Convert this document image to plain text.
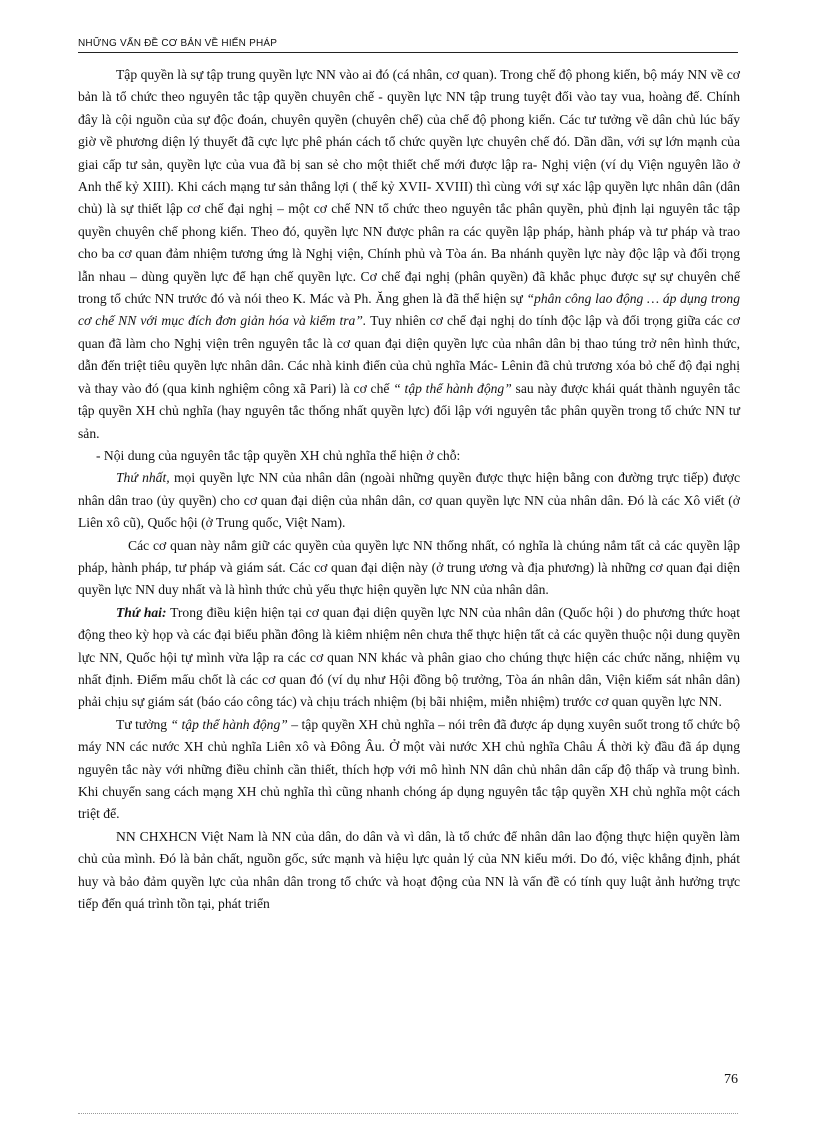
NHỮNG VẤN ĐỀ CƠ BẢN VỀ HIẾN PHÁP

Tập quyền là sự tập trung quyền lực NN vào ai đó (cá nhân, cơ quan). Trong chế độ phong kiến, bộ máy NN về cơ bản là tổ chức theo nguyên tắc tập quyền chuyên chế - quyền lực NN tập trung tuyệt đối vào tay vua, hoàng đế. Chính đây là cội nguồn của sự độc đoán, chuyên quyền (chuyên chế) của chế độ phong kiến. Các tư tưởng về dân chủ lúc bấy giờ về phương diện lý thuyết đã cực lực phê phán cách tổ chức quyền lực chuyên chế đó. Dần dần, với sự lớn mạnh của giai cấp tư sản, quyền lực của vua đã bị san sẻ cho một thiết chế mới được lập ra- Nghị viện (ví dụ Viện nguyên lão ở Anh thế kỷ XIII). Khi cách mạng tư sản thắng lợi ( thế kỷ XVII- XVIII) thì cùng với sự xác lập quyền lực nhân dân (dân chủ) là sự thiết lập cơ chế đại nghị – một cơ chế NN tổ chức theo nguyên tắc phân quyền, phủ định lại nguyên tắc tập quyền chuyên chế phong kiến. Theo đó, quyền lực NN được phân ra các quyền lập pháp, hành pháp và tư pháp và trao cho ba cơ quan đảm nhiệm tương ứng là Nghị viện, Chính phủ và Tòa án. Ba nhánh quyền lực này độc lập và đối trọng lẫn nhau – dùng quyền lực để hạn chế quyền lực. Cơ chế đại nghị (phân quyền) đã khắc phục được sự sự chuyên chế trong tổ chức NN trước đó và nói theo K. Mác và Ph. Ăng ghen là đã thể hiện sự “phân công lao động … áp dụng trong cơ chế NN với mục đích đơn giản hóa và kiểm tra”. Tuy nhiên cơ chế đại nghị do tính độc lập và đối trọng giữa các cơ quan đã làm cho Nghị viện trên nguyên tắc là cơ quan đại diện quyền lực của nhân dân bị thao túng trở nên hình thức, dẫn đến triệt tiêu quyền lực nhân dân. Các nhà kinh điển của chủ nghĩa Mác- Lênin đã chủ trương xóa bỏ chế độ đại nghị và thay vào đó (qua kinh nghiệm công xã Pari) là cơ chế “ tập thể hành động” sau này được khái quát thành nguyên tắc tập quyền XH chủ nghĩa (hay nguyên tắc thống nhất quyền lực) đối lập với nguyên tắc phân quyền trong tổ chức NN tư sản.

- Nội dung của nguyên tắc tập quyền XH chủ nghĩa thể hiện ở chỗ:

Thứ nhất, mọi quyền lực NN của nhân dân (ngoài những quyền được thực hiện bằng con đường trực tiếp) được nhân dân trao (ủy quyền) cho cơ quan đại diện của nhân dân, cơ quan quyền lực NN của nhân dân. Đó là các Xô viết (ở Liên xô cũ), Quốc hội (ở Trung quốc, Việt Nam).

Các cơ quan này nắm giữ các quyền của quyền lực NN thống nhất, có nghĩa là chúng nắm tất cả các quyền lập pháp, hành pháp, tư pháp và giám sát. Các cơ quan đại diện này (ở trung ương và địa phương) là những cơ quan đại diện quyền lực NN duy nhất và là hình thức chủ yếu thực hiện quyền lực NN của nhân dân.

Thứ hai: Trong điều kiện hiện tại cơ quan đại diện quyền lực NN của nhân dân (Quốc hội ) do phương thức hoạt động theo kỳ họp và các đại biểu phần đông là kiêm nhiệm nên chưa thể thực hiện tất cả các quyền thuộc nội dung quyền lực NN, Quốc hội tự mình vừa lập ra các cơ quan NN khác và phân giao cho chúng thực hiện các chức năng, nhiệm vụ nhất định. Điểm mấu chốt là các cơ quan đó (ví dụ như Hội đồng bộ trưởng, Tòa án nhân dân, Viện kiểm sát nhân dân) phải chịu sự giám sát (báo cáo công tác) và chịu trách nhiệm (bị bãi nhiệm, miễn nhiệm) trước cơ quan quyền lực NN.

Tư tưởng “ tập thể hành động” – tập quyền XH chủ nghĩa – nói trên đã được áp dụng xuyên suốt trong tổ chức bộ máy NN các nước XH chủ nghĩa Liên xô và Đông Âu. Ở một vài nước XH chủ nghĩa Châu Á thời kỳ đầu đã áp dụng nguyên tắc này với những điều chỉnh cần thiết, thích hợp với mô hình NN dân chủ nhân dân cấp độ thấp và trung bình. Khi chuyển sang cách mạng XH chủ nghĩa thì cũng nhanh chóng áp dụng nguyên tắc tập quyền XH chủ nghĩa một cách triệt để.

NN CHXHCN Việt Nam là NN của dân, do dân và vì dân, là tổ chức để nhân dân lao động thực hiện quyền làm chủ của mình. Đó là bản chất, nguồn gốc, sức mạnh và hiệu lực quản lý của NN kiểu mới. Do đó, việc khẳng định, phát huy và bảo đảm quyền lực của nhân dân trong tổ chức và hoạt động của NN là vấn đề có tính quy luật ảnh hưởng trực tiếp đến quá trình tồn tại, phát triển

76
